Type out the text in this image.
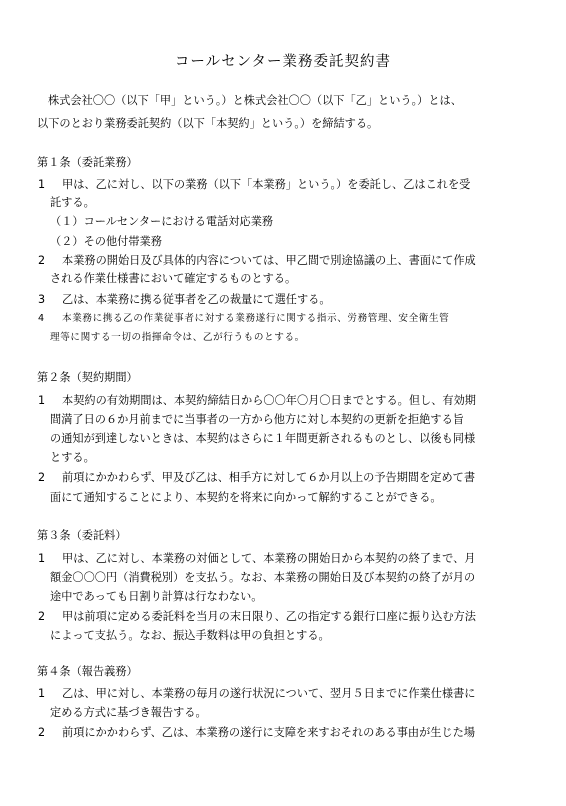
コールセンター業務委託契約書
株式会社〇〇（以下「甲」という。）と株式会社〇〇（以下「乙」という。）とは、
以下のとおり業務委託契約（以下「本契約」という。）を締結する。
第１条（委託業務）
1 甲は、乙に対し、以下の業務（以下「本業務」という。）を委託し、乙はこれを受
託する。
（１）コールセンターにおける電話対応業務
（２）その他付帯業務
2 本業務の開始日及び具体的内容については、甲乙間で別途協議の上、書面にて作成
される作業仕様書において確定するものとする。
3 乙は、本業務に携る従事者を乙の裁量にて選任する。
4 本業務に携る乙の作業従事者に対する業務遂行に関する指示、労務管理、安全衛生管
理等に関する一切の指揮命令は、乙が行うものとする。
第２条（契約期間）
1 本契約の有効期間は、本契約締結日から〇〇年〇月〇日までとする。但し、有効期
間満了日の６か月前までに当事者の一方から他方に対し本契約の更新を拒絶する旨
の通知が到達しないときは、本契約はさらに１年間更新されるものとし、以後も同様
とする。
2 前項にかかわらず、甲及び乙は、相手方に対して６か月以上の予告期間を定めて書
面にて通知することにより、本契約を将来に向かって解約することができる。
第３条（委託料）
1 甲は、乙に対し、本業務の対価として、本業務の開始日から本契約の終了まで、月
額金〇〇〇円（消費税別）を支払う。なお、本業務の開始日及び本契約の終了が月の
途中であっても日割り計算は行なわない。
2 甲は前項に定める委託料を当月の末日限り、乙の指定する銀行口座に振り込む方法
によって支払う。なお、振込手数料は甲の負担とする。
第４条（報告義務）
1 乙は、甲に対し、本業務の毎月の遂行状況について、翌月５日までに作業仕様書に
定める方式に基づき報告する。
2 前項にかかわらず、乙は、本業務の遂行に支障を来すおそれのある事由が生じた場
